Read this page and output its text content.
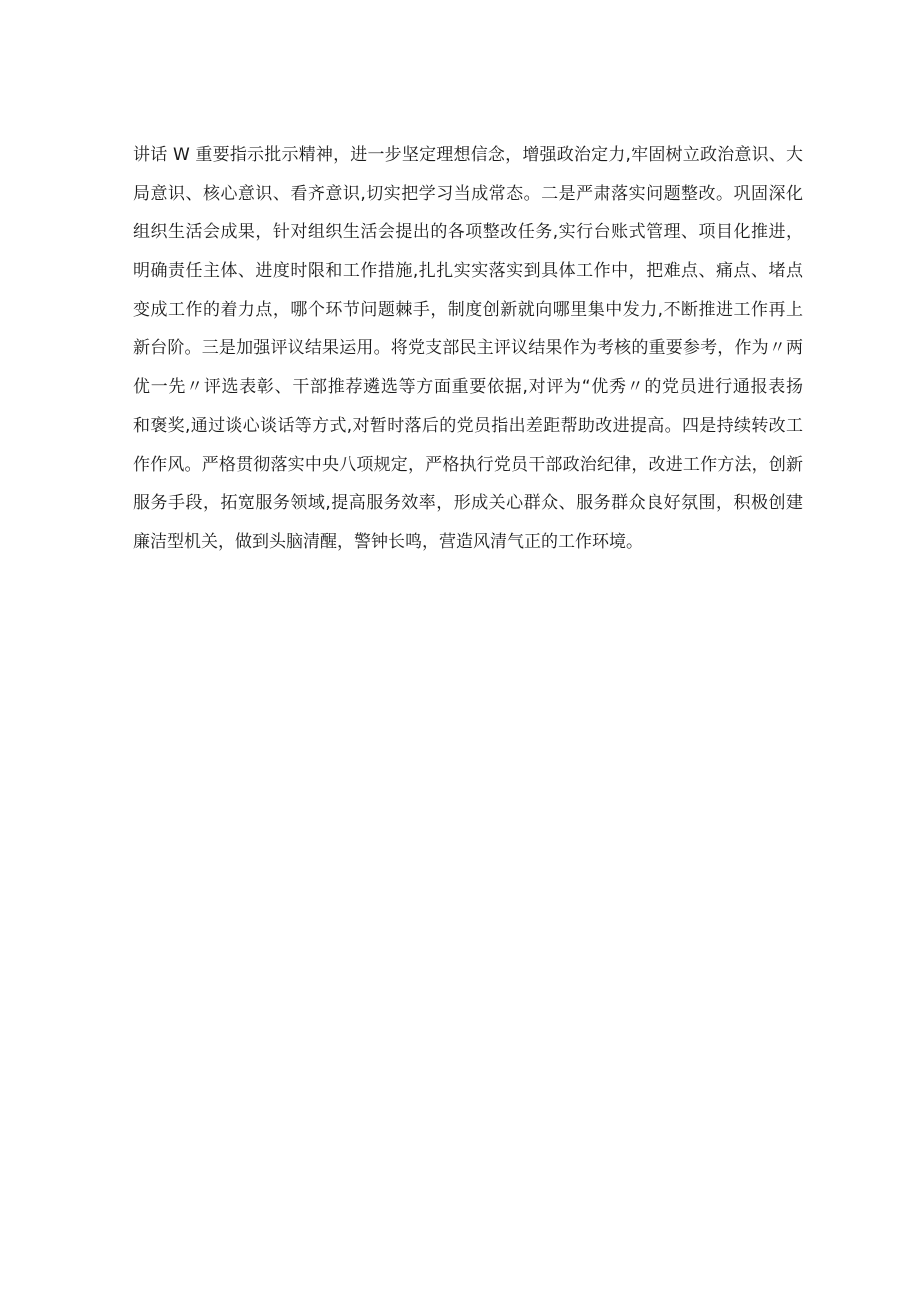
讲话 W 重要指示批示精神，进一步坚定理想信念，增强政治定力,牢固树立政治意识、大
局意识、核心意识、看齐意识,切实把学习当成常态。二是严肃落实问题整改。巩固深化
组织生活会成果，针对组织生活会提出的各项整改任务,实行台账式管理、项目化推进，
明确责任主体、进度时限和工作措施,扎扎实实落实到具体工作中，把难点、痛点、堵点
变成工作的着力点，哪个环节问题棘手，制度创新就向哪里集中发力,不断推进工作再上
新台阶。三是加强评议结果运用。将党支部民主评议结果作为考核的重要参考，作为〃两
优一先〃评选表彰、干部推荐遴选等方面重要依据,对评为“优秀〃的党员进行通报表扬
和褒奖,通过谈心谈话等方式,对暂时落后的党员指出差距帮助改进提高。四是持续转改工
作作风。严格贯彻落实中央八项规定，严格执行党员干部政治纪律，改进工作方法，创新
服务手段，拓宽服务领域,提高服务效率，形成关心群众、服务群众良好氛围，积极创建
廉洁型机关，做到头脑清醒，警钟长鸣，营造风清气正的工作环境。
